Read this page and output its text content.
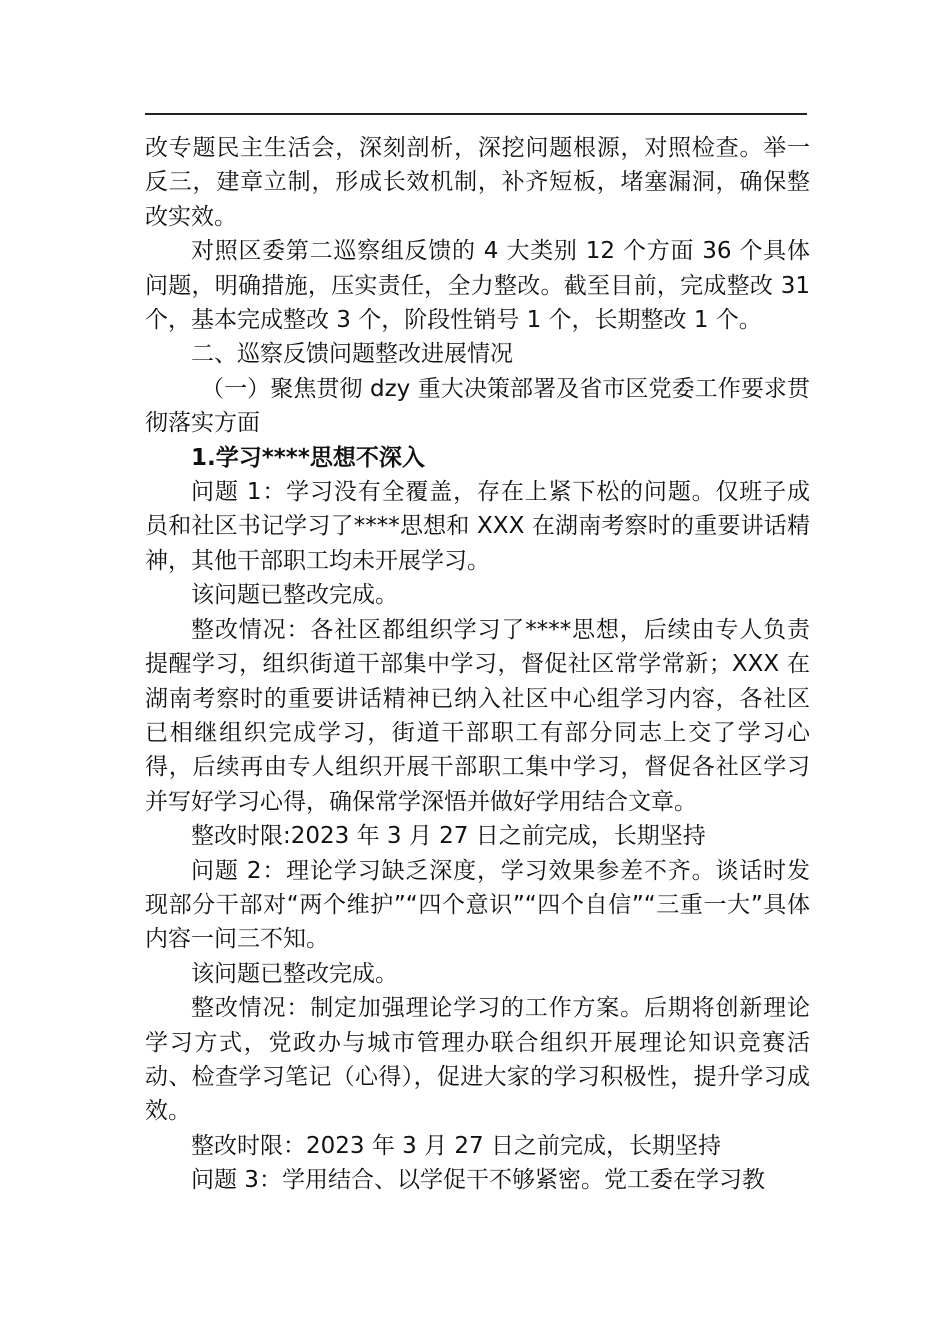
改专题民主生活会，深刻剖析，深挖问题根源，对照检查。举一反三，建章立制，形成长效机制，补齐短板，堵塞漏洞，确保整改实效。

对照区委第二巡察组反馈的 4 大类别 12 个方面 36 个具体问题，明确措施，压实责任，全力整改。截至目前，完成整改 31 个，基本完成整改 3 个，阶段性销号 1 个，长期整改 1 个。

二、巡察反馈问题整改进展情况

（一）聚焦贯彻 dzy 重大决策部署及省市区党委工作要求贯彻落实方面

1.学习****思想不深入

问题 1：学习没有全覆盖，存在上紧下松的问题。仅班子成员和社区书记学习了****思想和 XXX 在湖南考察时的重要讲话精神，其他干部职工均未开展学习。

该问题已整改完成。

整改情况：各社区都组织学习了****思想，后续由专人负责提醒学习，组织街道干部集中学习，督促社区常学常新；XXX 在湖南考察时的重要讲话精神已纳入社区中心组学习内容，各社区已相继组织完成学习，街道干部职工有部分同志上交了学习心得，后续再由专人组织开展干部职工集中学习，督促各社区学习并写好学习心得，确保常学深悟并做好学用结合文章。

整改时限:2023 年 3 月 27 日之前完成，长期坚持

问题 2：理论学习缺乏深度，学习效果参差不齐。谈话时发现部分干部对“两个维护”“四个意识”“四个自信”“三重一大”具体内容一问三不知。

该问题已整改完成。

整改情况：制定加强理论学习的工作方案。后期将创新理论学习方式，党政办与城市管理办联合组织开展理论知识竞赛活动、检查学习笔记（心得），促进大家的学习积极性，提升学习成效。

整改时限：2023 年 3 月 27 日之前完成，长期坚持

问题 3：学用结合、以学促干不够紧密。党工委在学习教
